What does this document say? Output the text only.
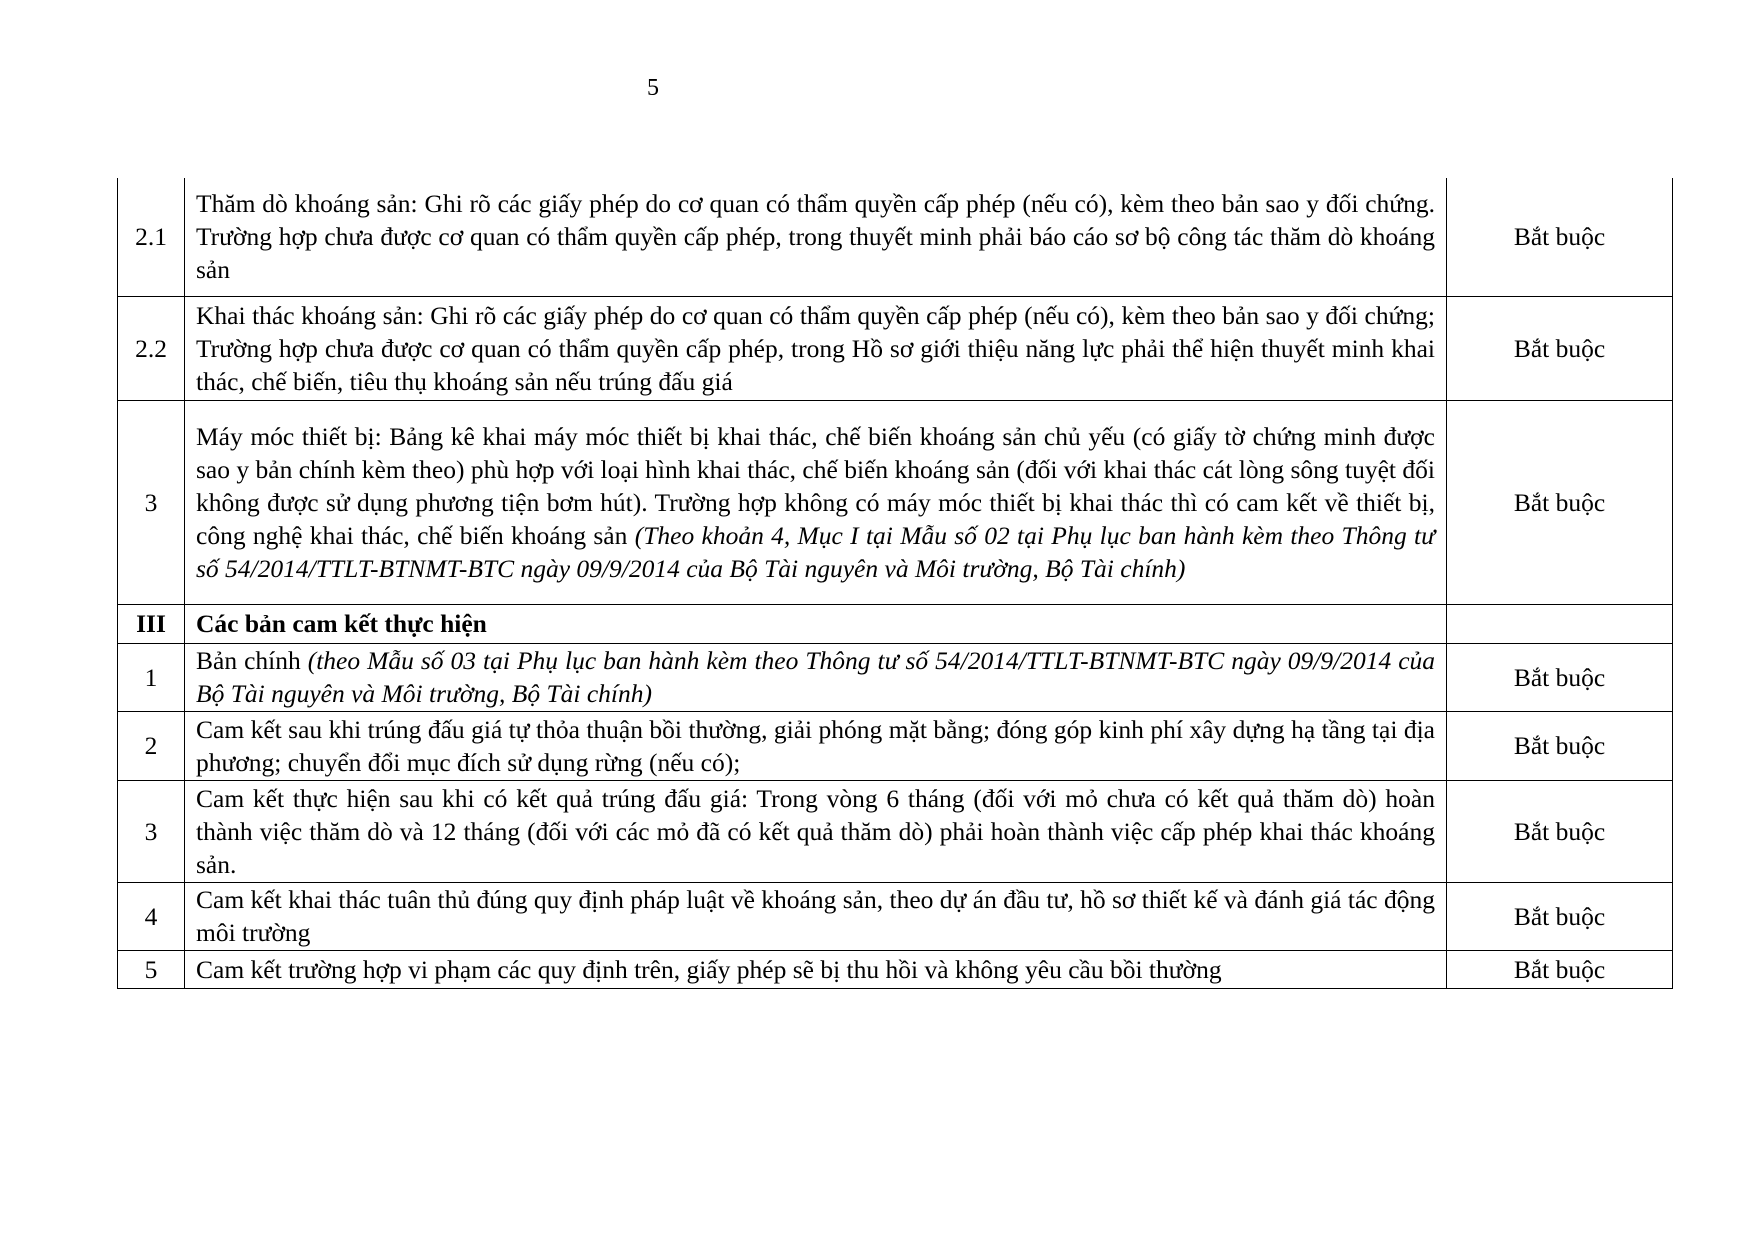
5
2.1	Thăm dò khoáng sản: Ghi rõ các giấy phép do cơ quan có thẩm quyền cấp phép (nếu có), kèm theo bản sao y đối chứng. Trường hợp chưa được cơ quan có thẩm quyền cấp phép, trong thuyết minh phải báo cáo sơ bộ công tác thăm dò khoáng sản	Bắt buộc
2.2	Khai thác khoáng sản: Ghi rõ các giấy phép do cơ quan có thẩm quyền cấp phép (nếu có), kèm theo bản sao y đối chứng; Trường hợp chưa được cơ quan có thẩm quyền cấp phép, trong Hồ sơ giới thiệu năng lực phải thể hiện thuyết minh khai thác, chế biến, tiêu thụ khoáng sản nếu trúng đấu giá	Bắt buộc
3	Máy móc thiết bị: Bảng kê khai máy móc thiết bị khai thác, chế biến khoáng sản chủ yếu (có giấy tờ chứng minh được sao y bản chính kèm theo) phù hợp với loại hình khai thác, chế biến khoáng sản (đối với khai thác cát lòng sông tuyệt đối không được sử dụng phương tiện bơm hút). Trường hợp không có máy móc thiết bị khai thác thì có cam kết về thiết bị, công nghệ khai thác, chế biến khoáng sản (Theo khoản 4, Mục I tại Mẫu số 02 tại Phụ lục ban hành kèm theo Thông tư số 54/2014/TTLT-BTNMT-BTC ngày 09/9/2014 của Bộ Tài nguyên và Môi trường, Bộ Tài chính)	Bắt buộc
III	Các bản cam kết thực hiện	
1	Bản chính (theo Mẫu số 03 tại Phụ lục ban hành kèm theo Thông tư số 54/2014/TTLT-BTNMT-BTC ngày 09/9/2014 của Bộ Tài nguyên và Môi trường, Bộ Tài chính)	Bắt buộc
2	Cam kết sau khi trúng đấu giá tự thỏa thuận bồi thường, giải phóng mặt bằng; đóng góp kinh phí xây dựng hạ tầng tại địa phương; chuyển đổi mục đích sử dụng rừng (nếu có);	Bắt buộc
3	Cam kết thực hiện sau khi có kết quả trúng đấu giá: Trong vòng 6 tháng (đối với mỏ chưa có kết quả thăm dò) hoàn thành việc thăm dò và 12 tháng (đối với các mỏ đã có kết quả thăm dò) phải hoàn thành việc cấp phép khai thác khoáng sản.	Bắt buộc
4	Cam kết khai thác tuân thủ đúng quy định pháp luật về khoáng sản, theo dự án đầu tư, hồ sơ thiết kế và đánh giá tác động môi trường	Bắt buộc
5	Cam kết trường hợp vi phạm các quy định trên, giấy phép sẽ bị thu hồi và không yêu cầu bồi thường	Bắt buộc
